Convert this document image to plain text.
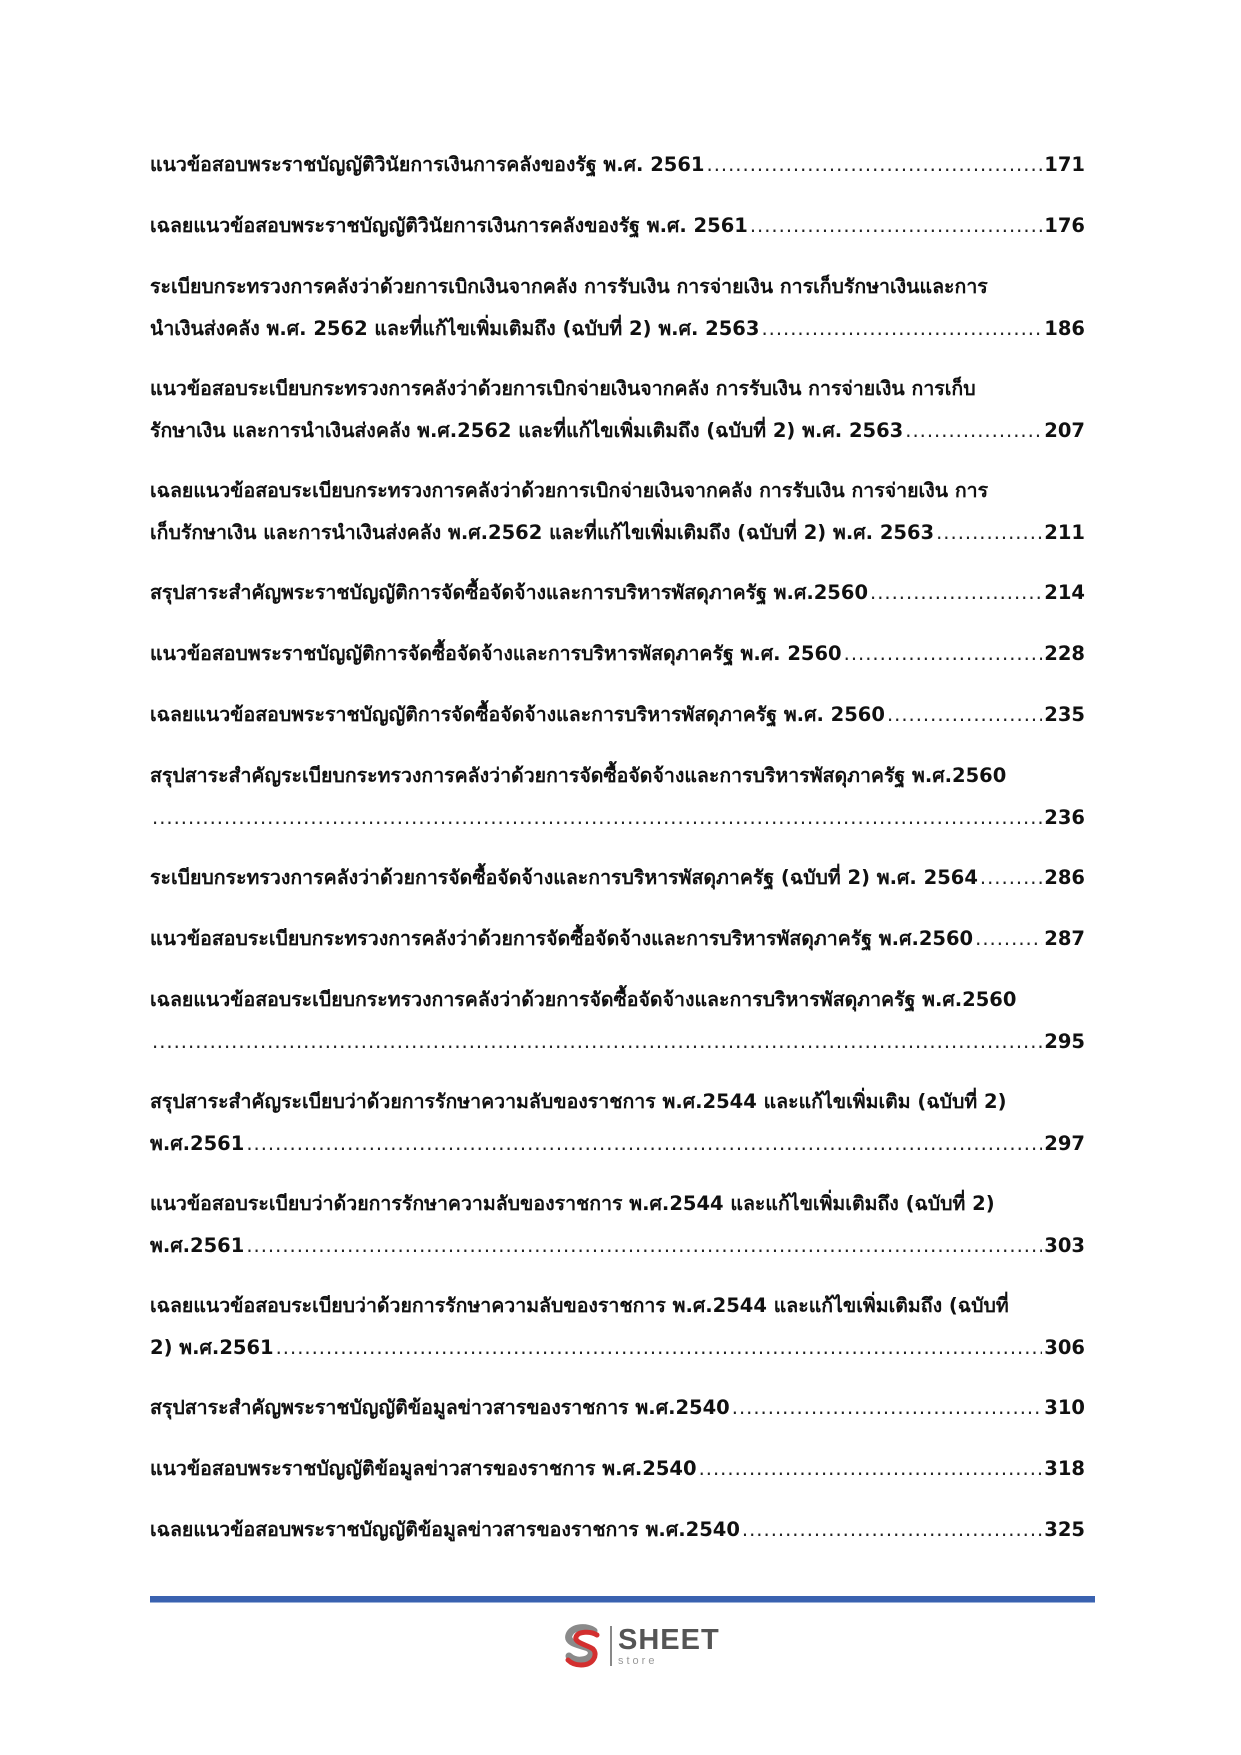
แนวข้อสอบพระราชบัญญัติวินัยการเงินการคลังของรัฐ พ.ศ. 2561 .....	171
เฉลยแนวข้อสอบพระราชบัญญัติวินัยการเงินการคลังของรัฐ พ.ศ. 2561 .....	176
ระเบียบกระทรวงการคลังว่าด้วยการเบิกเงินจากคลัง การรับเงิน การจ่ายเงิน การเก็บรักษาเงินและการ
นำเงินส่งคลัง พ.ศ. 2562 และที่แก้ไขเพิ่มเติมถึง (ฉบับที่ 2) พ.ศ. 2563 .....	186
แนวข้อสอบระเบียบกระทรวงการคลังว่าด้วยการเบิกจ่ายเงินจากคลัง การรับเงิน การจ่ายเงิน การเก็บ
รักษาเงิน และการนำเงินส่งคลัง พ.ศ.2562 และที่แก้ไขเพิ่มเติมถึง (ฉบับที่ 2) พ.ศ. 2563 .....	207
เฉลยแนวข้อสอบระเบียบกระทรวงการคลังว่าด้วยการเบิกจ่ายเงินจากคลัง การรับเงิน การจ่ายเงิน การ
เก็บรักษาเงิน และการนำเงินส่งคลัง พ.ศ.2562 และที่แก้ไขเพิ่มเติมถึง (ฉบับที่ 2) พ.ศ. 2563 .....	211
สรุปสาระสำคัญพระราชบัญญัติการจัดซื้อจัดจ้างและการบริหารพัสดุภาครัฐ พ.ศ.2560 .....	214
แนวข้อสอบพระราชบัญญัติการจัดซื้อจัดจ้างและการบริหารพัสดุภาครัฐ พ.ศ. 2560 .....	228
เฉลยแนวข้อสอบพระราชบัญญัติการจัดซื้อจัดจ้างและการบริหารพัสดุภาครัฐ พ.ศ. 2560 .....	235
สรุปสาระสำคัญระเบียบกระทรวงการคลังว่าด้วยการจัดซื้อจัดจ้างและการบริหารพัสดุภาครัฐ พ.ศ.2560
.....
236
ระเบียบกระทรวงการคลังว่าด้วยการจัดซื้อจัดจ้างและการบริหารพัสดุภาครัฐ (ฉบับที่ 2) พ.ศ. 2564 .....	286
แนวข้อสอบระเบียบกระทรวงการคลังว่าด้วยการจัดซื้อจัดจ้างและการบริหารพัสดุภาครัฐ พ.ศ.2560 .....	287
เฉลยแนวข้อสอบระเบียบกระทรวงการคลังว่าด้วยการจัดซื้อจัดจ้างและการบริหารพัสดุภาครัฐ พ.ศ.2560
.....
295
สรุปสาระสำคัญระเบียบว่าด้วยการรักษาความลับของราชการ พ.ศ.2544 และแก้ไขเพิ่มเติม (ฉบับที่ 2)
พ.ศ.2561 .....	297
แนวข้อสอบระเบียบว่าด้วยการรักษาความลับของราชการ พ.ศ.2544 และแก้ไขเพิ่มเติมถึง (ฉบับที่ 2)
พ.ศ.2561 .....	303
เฉลยแนวข้อสอบระเบียบว่าด้วยการรักษาความลับของราชการ พ.ศ.2544 และแก้ไขเพิ่มเติมถึง (ฉบับที่
2) พ.ศ.2561 .....	306
สรุปสาระสำคัญพระราชบัญญัติข้อมูลข่าวสารของราชการ พ.ศ.2540 .....	310
แนวข้อสอบพระราชบัญญัติข้อมูลข่าวสารของราชการ พ.ศ.2540 .....	318
เฉลยแนวข้อสอบพระราชบัญญัติข้อมูลข่าวสารของราชการ พ.ศ.2540 .....	325
SHEET
store
